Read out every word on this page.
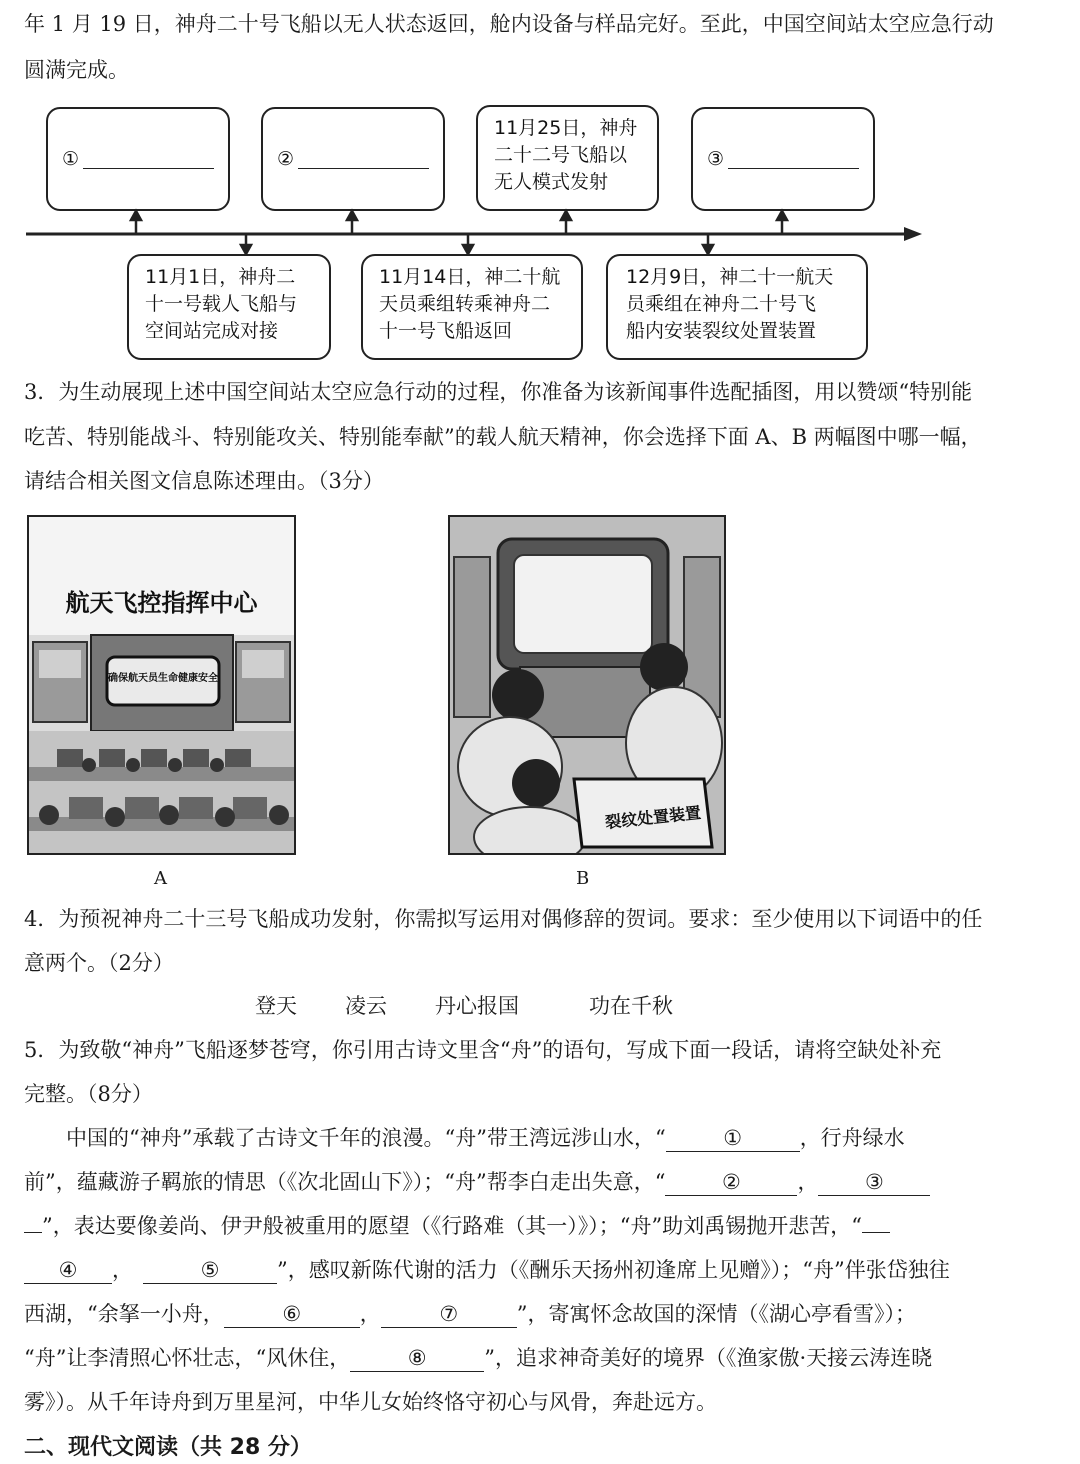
年 1 月 19 日，神舟二十号飞船以无人状态返回，舱内设备与样品完好。至此，中国空间站太空应急行动
圆满完成。
①	②
11月25日，神舟
二十二号飞船以
无人模式发射
③
11月1日，神舟二
十一号载人飞船与
空间站完成对接
11月14日，神二十航
天员乘组转乘神舟二
十一号飞船返回
12月9日，神二十一航天
员乘组在神舟二十号飞
船内安装裂纹处置装置
3．为生动展现上述中国空间站太空应急行动的过程，你准备为该新闻事件选配插图，用以赞颂“特别能
吃苦、特别能战斗、特别能攻关、特别能奉献”的载人航天精神，你会选择下面 A、B 两幅图中哪一幅，
请结合相关图文信息陈述理由。（3分）
航天飞控指挥中心
确保航天员生命健康安全
A
裂纹处置装置
B
4．为预祝神舟二十三号飞船成功发射，你需拟写运用对偶修辞的贺词。要求：至少使用以下词语中的任
意两个。（2分）
登天 凌云 丹心报国	功在千秋
5．为致敬“神舟”飞船逐梦苍穹，你引用古诗文里含“舟”的语句，写成下面一段话，请将空缺处补充
完整。（8分）
中国的“神舟”承载了古诗文千年的浪漫。“舟”带王湾远涉山水，“	①	，行舟绿水
前”，蕴藏游子羁旅的情思（《次北固山下》）；“舟”帮李白走出失意，“	②	， ③
”，表达要像姜尚、伊尹般被重用的愿望（《行路难（其一）》）；“舟”助刘禹锡抛开悲苦，“
④ ，	⑤	”，感叹新陈代谢的活力（《酬乐天扬州初逢席上见赠》）；“舟”伴张岱独往
西湖，“余拏一小舟，	⑥	，	⑦	”，寄寓怀念故国的深情（《湖心亭看雪》）；
“舟”让李清照心怀壮志，“风休住，	⑧	”，追求神奇美好的境界（《渔家傲·天接云涛连晓
雾》）。从千年诗舟到万里星河，中华儿女始终恪守初心与风骨，奔赴远方。
二、现代文阅读（共 28 分）
